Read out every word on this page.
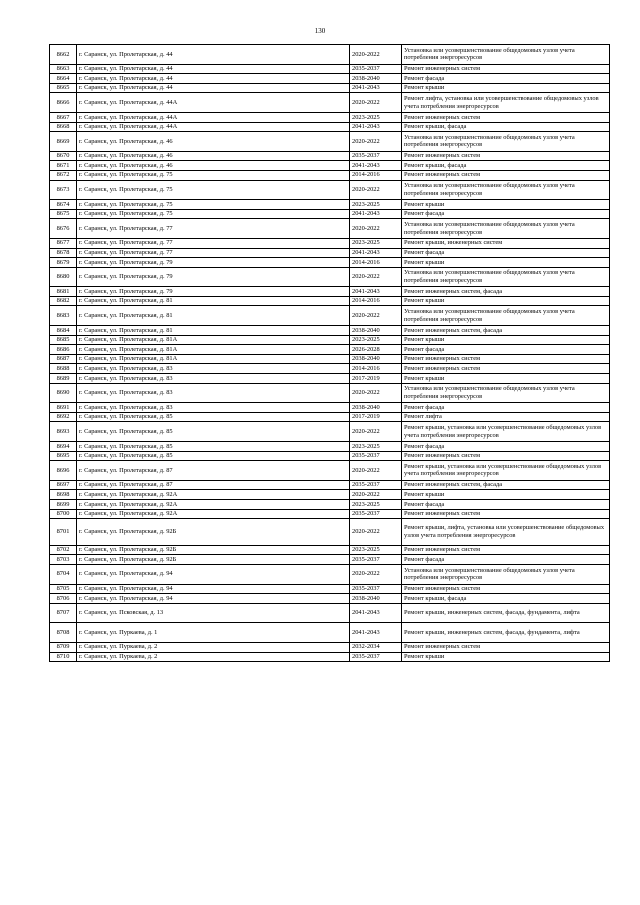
130
8662	г. Саранск, ул. Пролетарская, д. 44	2020-2022	Установка или усовершенствование общедомовых узлов учета потребления энергоресурсов
8663	г. Саранск, ул. Пролетарская, д. 44	2035-2037	Ремонт инженерных систем
8664	г. Саранск, ул. Пролетарская, д. 44	2038-2040	Ремонт фасада
8665	г. Саранск, ул. Пролетарская, д. 44	2041-2043	Ремонт крыши
8666	г. Саранск, ул. Пролетарская, д. 44А	2020-2022	Ремонт лифта, установка или усовершенствование общедомовых узлов учета потребления энергоресурсов
8667	г. Саранск, ул. Пролетарская, д. 44А	2023-2025	Ремонт инженерных систем
8668	г. Саранск, ул. Пролетарская, д. 44А	2041-2043	Ремонт крыши, фасада
8669	г. Саранск, ул. Пролетарская, д. 46	2020-2022	Установка или усовершенствование общедомовых узлов учета потребления энергоресурсов
8670	г. Саранск, ул. Пролетарская, д. 46	2035-2037	Ремонт инженерных систем
8671	г. Саранск, ул. Пролетарская, д. 46	2041-2043	Ремонт крыши, фасада
8672	г. Саранск, ул. Пролетарская, д. 75	2014-2016	Ремонт инженерных систем
8673	г. Саранск, ул. Пролетарская, д. 75	2020-2022	Установка или усовершенствование общедомовых узлов учета потребления энергоресурсов
8674	г. Саранск, ул. Пролетарская, д. 75	2023-2025	Ремонт крыши
8675	г. Саранск, ул. Пролетарская, д. 75	2041-2043	Ремонт фасада
8676	г. Саранск, ул. Пролетарская, д. 77	2020-2022	Установка или усовершенствование общедомовых узлов учета потребления энергоресурсов
8677	г. Саранск, ул. Пролетарская, д. 77	2023-2025	Ремонт крыши, инженерных систем
8678	г. Саранск, ул. Пролетарская, д. 77	2041-2043	Ремонт фасада
8679	г. Саранск, ул. Пролетарская, д. 79	2014-2016	Ремонт крыши
8680	г. Саранск, ул. Пролетарская, д. 79	2020-2022	Установка или усовершенствование общедомовых узлов учета потребления энергоресурсов
8681	г. Саранск, ул. Пролетарская, д. 79	2041-2043	Ремонт инженерных систем, фасада
8682	г. Саранск, ул. Пролетарская, д. 81	2014-2016	Ремонт крыши
8683	г. Саранск, ул. Пролетарская, д. 81	2020-2022	Установка или усовершенствование общедомовых узлов учета потребления энергоресурсов
8684	г. Саранск, ул. Пролетарская, д. 81	2038-2040	Ремонт инженерных систем, фасада
8685	г. Саранск, ул. Пролетарская, д. 81А	2023-2025	Ремонт крыши
8686	г. Саранск, ул. Пролетарская, д. 81А	2026-2028	Ремонт фасада
8687	г. Саранск, ул. Пролетарская, д. 81А	2038-2040	Ремонт инженерных систем
8688	г. Саранск, ул. Пролетарская, д. 83	2014-2016	Ремонт инженерных систем
8689	г. Саранск, ул. Пролетарская, д. 83	2017-2019	Ремонт крыши
8690	г. Саранск, ул. Пролетарская, д. 83	2020-2022	Установка или усовершенствование общедомовых узлов учета потребления энергоресурсов
8691	г. Саранск, ул. Пролетарская, д. 83	2038-2040	Ремонт фасада
8692	г. Саранск, ул. Пролетарская, д. 85	2017-2019	Ремонт лифта
8693	г. Саранск, ул. Пролетарская, д. 85	2020-2022	Ремонт крыши, установка или усовершенствование общедомовых узлов учета потребления энергоресурсов
8694	г. Саранск, ул. Пролетарская, д. 85	2023-2025	Ремонт фасада
8695	г. Саранск, ул. Пролетарская, д. 85	2035-2037	Ремонт инженерных систем
8696	г. Саранск, ул. Пролетарская, д. 87	2020-2022	Ремонт крыши, установка или усовершенствование общедомовых узлов учета потребления энергоресурсов
8697	г. Саранск, ул. Пролетарская, д. 87	2035-2037	Ремонт инженерных систем, фасада
8698	г. Саранск, ул. Пролетарская, д. 92А	2020-2022	Ремонт крыши
8699	г. Саранск, ул. Пролетарская, д. 92А	2023-2025	Ремонт фасада
8700	г. Саранск, ул. Пролетарская, д. 92А	2035-2037	Ремонт инженерных систем
8701	г. Саранск, ул. Пролетарская, д. 92Б	2020-2022	Ремонт крыши, лифта, установка или усовершенствование общедомовых узлов учета потребления энергоресурсов
8702	г. Саранск, ул. Пролетарская, д. 92Б	2023-2025	Ремонт инженерных систем
8703	г. Саранск, ул. Пролетарская, д. 92Б	2035-2037	Ремонт фасада
8704	г. Саранск, ул. Пролетарская, д. 94	2020-2022	Установка или усовершенствование общедомовых узлов учета потребления энергоресурсов
8705	г. Саранск, ул. Пролетарская, д. 94	2035-2037	Ремонт инженерных систем
8706	г. Саранск, ул. Пролетарская, д. 94	2038-2040	Ремонт крыши, фасада
8707	г. Саранск, ул. Псковская, д. 13	2041-2043	Ремонт крыши, инженерных систем, фасада, фундамента, лифта
8708	г. Саранск, ул. Пуркаева, д. 1	2041-2043	Ремонт крыши, инженерных систем, фасада, фундамента, лифта
8709	г. Саранск, ул. Пуркаева, д. 2	2032-2034	Ремонт инженерных систем
8710	г. Саранск, ул. Пуркаева, д. 2	2035-2037	Ремонт крыши
